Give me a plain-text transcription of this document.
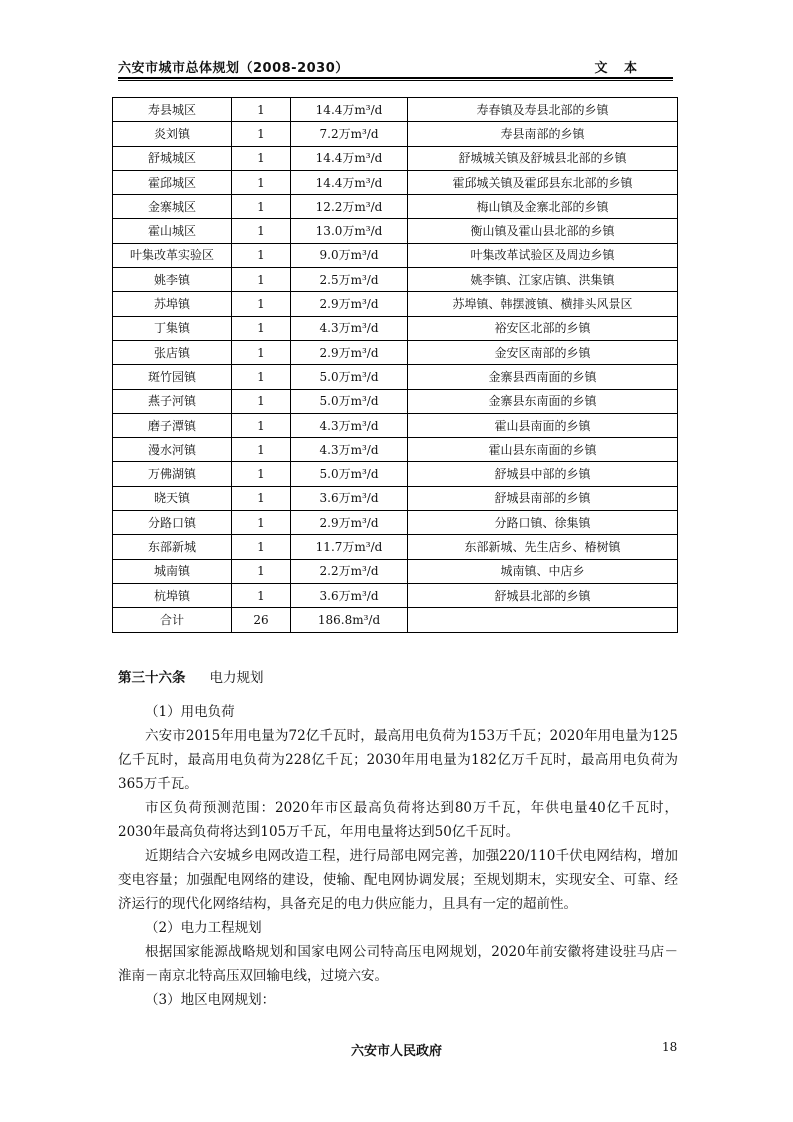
六安市城市总体规划（2008-2030）	文 本
寿县城区	1	14.4万m³/d	寿春镇及寿县北部的乡镇
炎刘镇	1	7.2万m³/d	寿县南部的乡镇
舒城城区	1	14.4万m³/d	舒城城关镇及舒城县北部的乡镇
霍邱城区	1	14.4万m³/d	霍邱城关镇及霍邱县东北部的乡镇
金寨城区	1	12.2万m³/d	梅山镇及金寨北部的乡镇
霍山城区	1	13.0万m³/d	衡山镇及霍山县北部的乡镇
叶集改革实验区	1	9.0万m³/d	叶集改革试验区及周边乡镇
姚李镇	1	2.5万m³/d	姚李镇、江家店镇、洪集镇
苏埠镇	1	2.9万m³/d	苏埠镇、韩摆渡镇、横排头风景区
丁集镇	1	4.3万m³/d	裕安区北部的乡镇
张店镇	1	2.9万m³/d	金安区南部的乡镇
斑竹园镇	1	5.0万m³/d	金寨县西南面的乡镇
燕子河镇	1	5.0万m³/d	金寨县东南面的乡镇
磨子潭镇	1	4.3万m³/d	霍山县南面的乡镇
漫水河镇	1	4.3万m³/d	霍山县东南面的乡镇
万佛湖镇	1	5.0万m³/d	舒城县中部的乡镇
晓天镇	1	3.6万m³/d	舒城县南部的乡镇
分路口镇	1	2.9万m³/d	分路口镇、徐集镇
东部新城	1	11.7万m³/d	东部新城、先生店乡、椿树镇
城南镇	1	2.2万m³/d	城南镇、中店乡
杭埠镇	1	3.6万m³/d	舒城县北部的乡镇
合计	26	186.8m³/d	
第三十六条 电力规划

（1）用电负荷

六安市2015年用电量为72亿千瓦时，最高用电负荷为153万千瓦；2020年用电量为125亿千瓦时，最高用电负荷为228亿千瓦；2030年用电量为182亿万千瓦时，最高用电负荷为365万千瓦。

市区负荷预测范围：2020年市区最高负荷将达到80万千瓦，年供电量40亿千瓦时，2030年最高负荷将达到105万千瓦，年用电量将达到50亿千瓦时。

近期结合六安城乡电网改造工程，进行局部电网完善，加强220/110千伏电网结构，增加变电容量；加强配电网络的建设，使输、配电网协调发展；至规划期末，实现安全、可靠、经济运行的现代化网络结构，具备充足的电力供应能力，且具有一定的超前性。

（2）电力工程规划

根据国家能源战略规划和国家电网公司特高压电网规划，2020年前安徽将建设驻马店－淮南－南京北特高压双回输电线，过境六安。

（3）地区电网规划：

六安市人民政府	18
